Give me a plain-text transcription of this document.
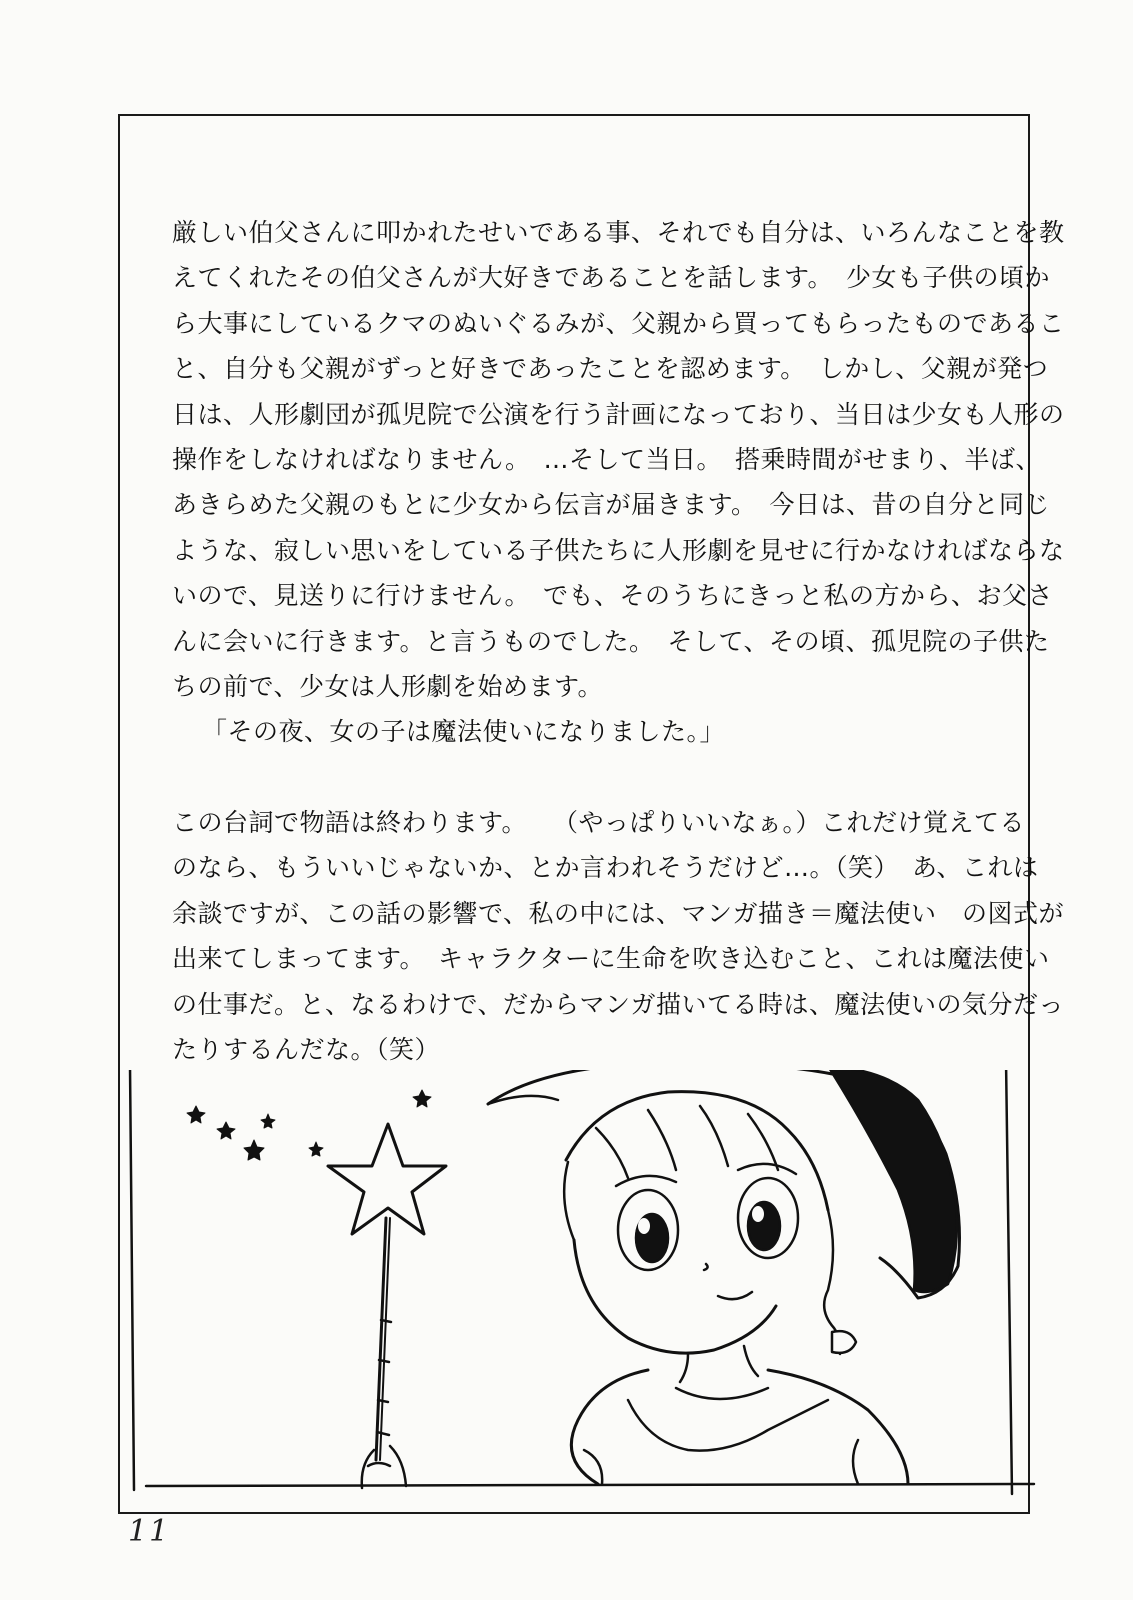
厳しい伯父さんに叩かれたせいである事、それでも自分は、いろんなことを教
えてくれたその伯父さんが大好きであることを話します。　少女も子供の頃か
ら大事にしているクマのぬいぐるみが、父親から買ってもらったものであるこ
と、自分も父親がずっと好きであったことを認めます。　しかし、父親が発つ
日は、人形劇団が孤児院で公演を行う計画になっており、当日は少女も人形の
操作をしなければなりません。　…そして当日。　搭乗時間がせまり、半ば、
あきらめた父親のもとに少女から伝言が届きます。　今日は、昔の自分と同じ
ような、寂しい思いをしている子供たちに人形劇を見せに行かなければならな
いので、見送りに行けません。　でも、そのうちにきっと私の方から、お父さ
んに会いに行きます。と言うものでした。　そして、その頃、孤児院の子供た
ちの前で、少女は人形劇を始めます。
「その夜、女の子は魔法使いになりました。」
この台詞で物語は終わります。　　（やっぱりいいなぁ。）これだけ覚えてる
のなら、もういいじゃないか、とか言われそうだけど…。（笑）　あ、これは
余談ですが、この話の影響で、私の中には、マンガ描き＝魔法使い　の図式が
出来てしまってます。　キャラクターに生命を吹き込むこと、これは魔法使い
の仕事だ。と、なるわけで、だからマンガ描いてる時は、魔法使いの気分だっ
たりするんだな。（笑）
11
